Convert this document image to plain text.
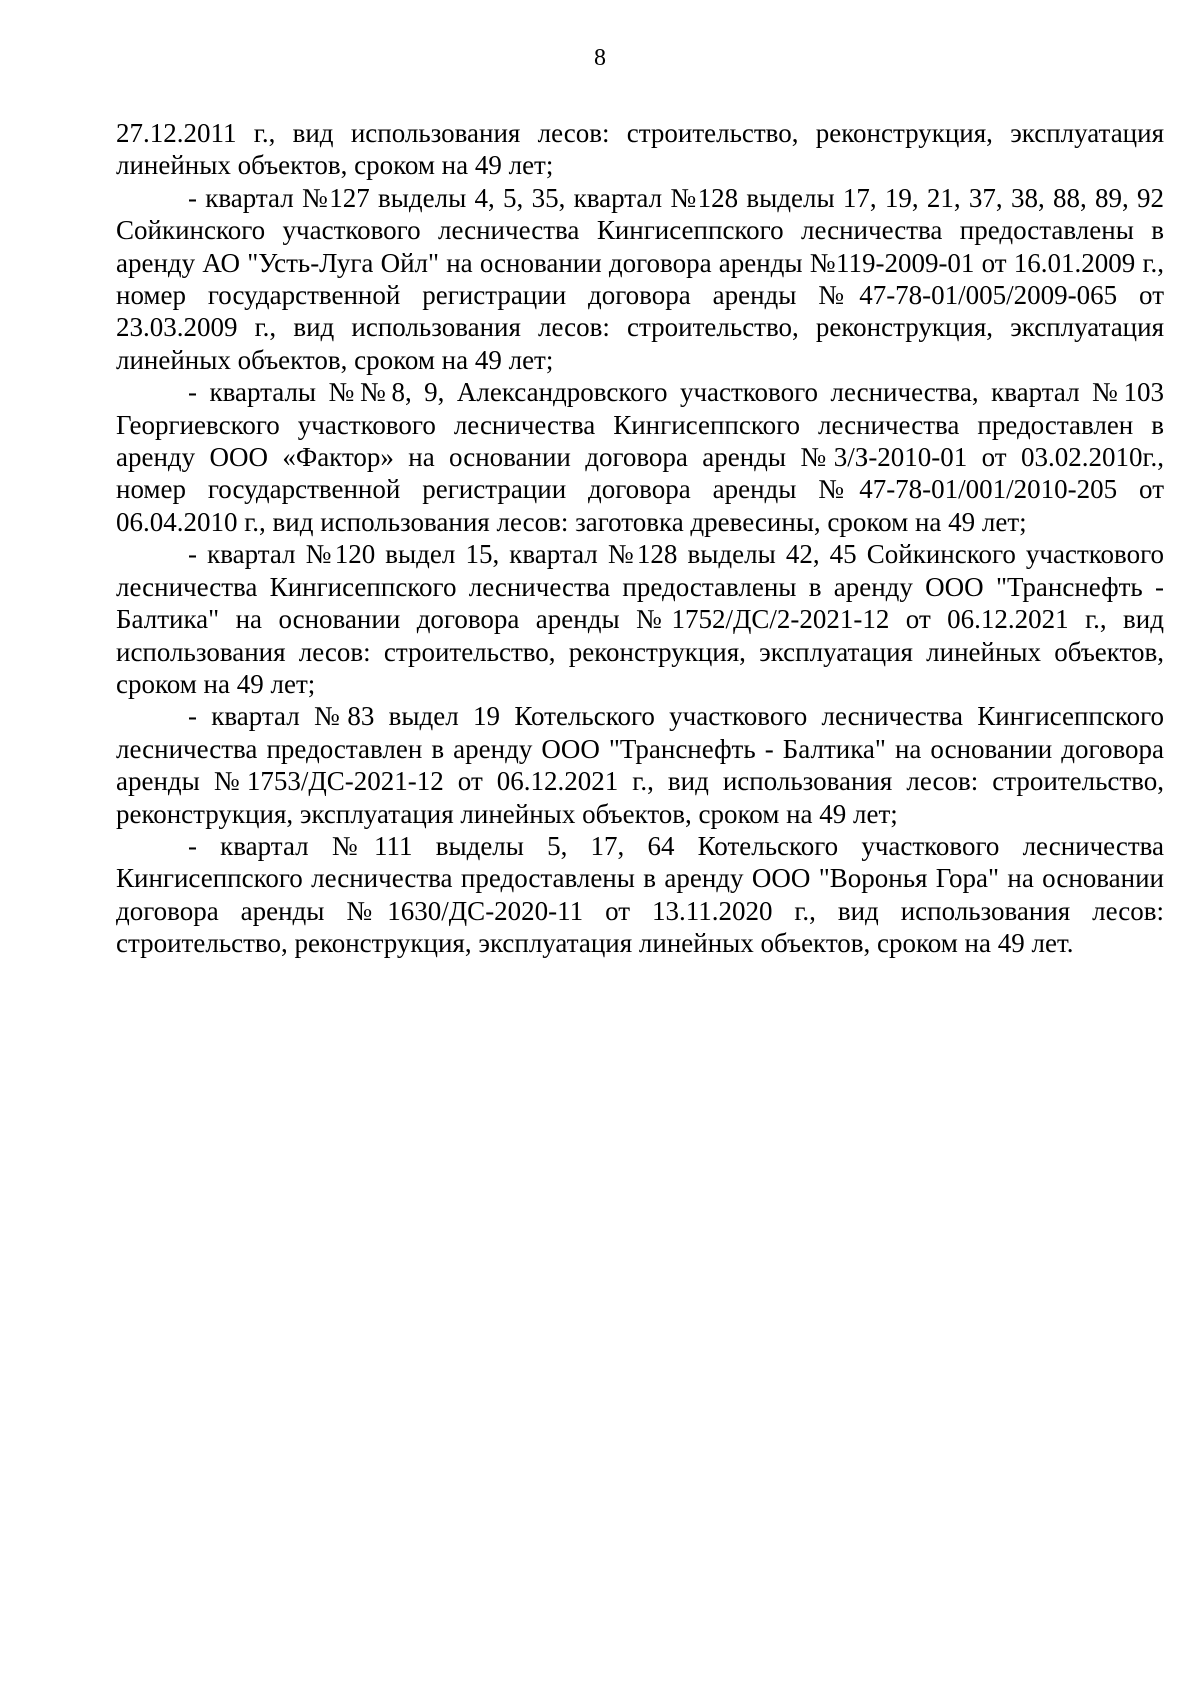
8

27.12.2011 г., вид использования лесов: строительство, реконструкция, эксплуатация линейных объектов, сроком на 49 лет;

- квартал №127 выделы 4, 5, 35, квартал №128 выделы 17, 19, 21, 37, 38, 88, 89, 92 Сойкинского участкового лесничества Кингисеппского лесничества предоставлены в аренду АО "Усть-Луга Ойл" на основании договора аренды №119-2009-01 от 16.01.2009 г., номер государственной регистрации договора аренды №47-78-01/005/2009-065 от 23.03.2009 г., вид использования лесов: строительство, реконструкция, эксплуатация линейных объектов, сроком на 49 лет;

- кварталы №№8, 9, Александровского участкового лесничества, квартал №103 Георгиевского участкового лесничества Кингисеппского лесничества предоставлен в аренду ООО «Фактор» на основании договора аренды №3/З-2010-01 от 03.02.2010г., номер государственной регистрации договора аренды №47-78-01/001/2010-205 от 06.04.2010 г., вид использования лесов: заготовка древесины, сроком на 49 лет;

- квартал №120 выдел 15, квартал №128 выделы 42, 45 Сойкинского участкового лесничества Кингисеппского лесничества предоставлены в аренду ООО "Транснефть - Балтика" на основании договора аренды №1752/ДС/2-2021-12 от 06.12.2021 г., вид использования лесов: строительство, реконструкция, эксплуатация линейных объектов, сроком на 49 лет;

- квартал №83 выдел 19 Котельского участкового лесничества Кингисеппского лесничества предоставлен в аренду ООО "Транснефть - Балтика" на основании договора аренды №1753/ДС-2021-12 от 06.12.2021 г., вид использования лесов: строительство, реконструкция, эксплуатация линейных объектов, сроком на 49 лет;

- квартал №111 выделы 5, 17, 64 Котельского участкового лесничества Кингисеппского лесничества предоставлены в аренду ООО "Воронья Гора" на основании договора аренды №1630/ДС-2020-11 от 13.11.2020 г., вид использования лесов: строительство, реконструкция, эксплуатация линейных объектов, сроком на 49 лет.
